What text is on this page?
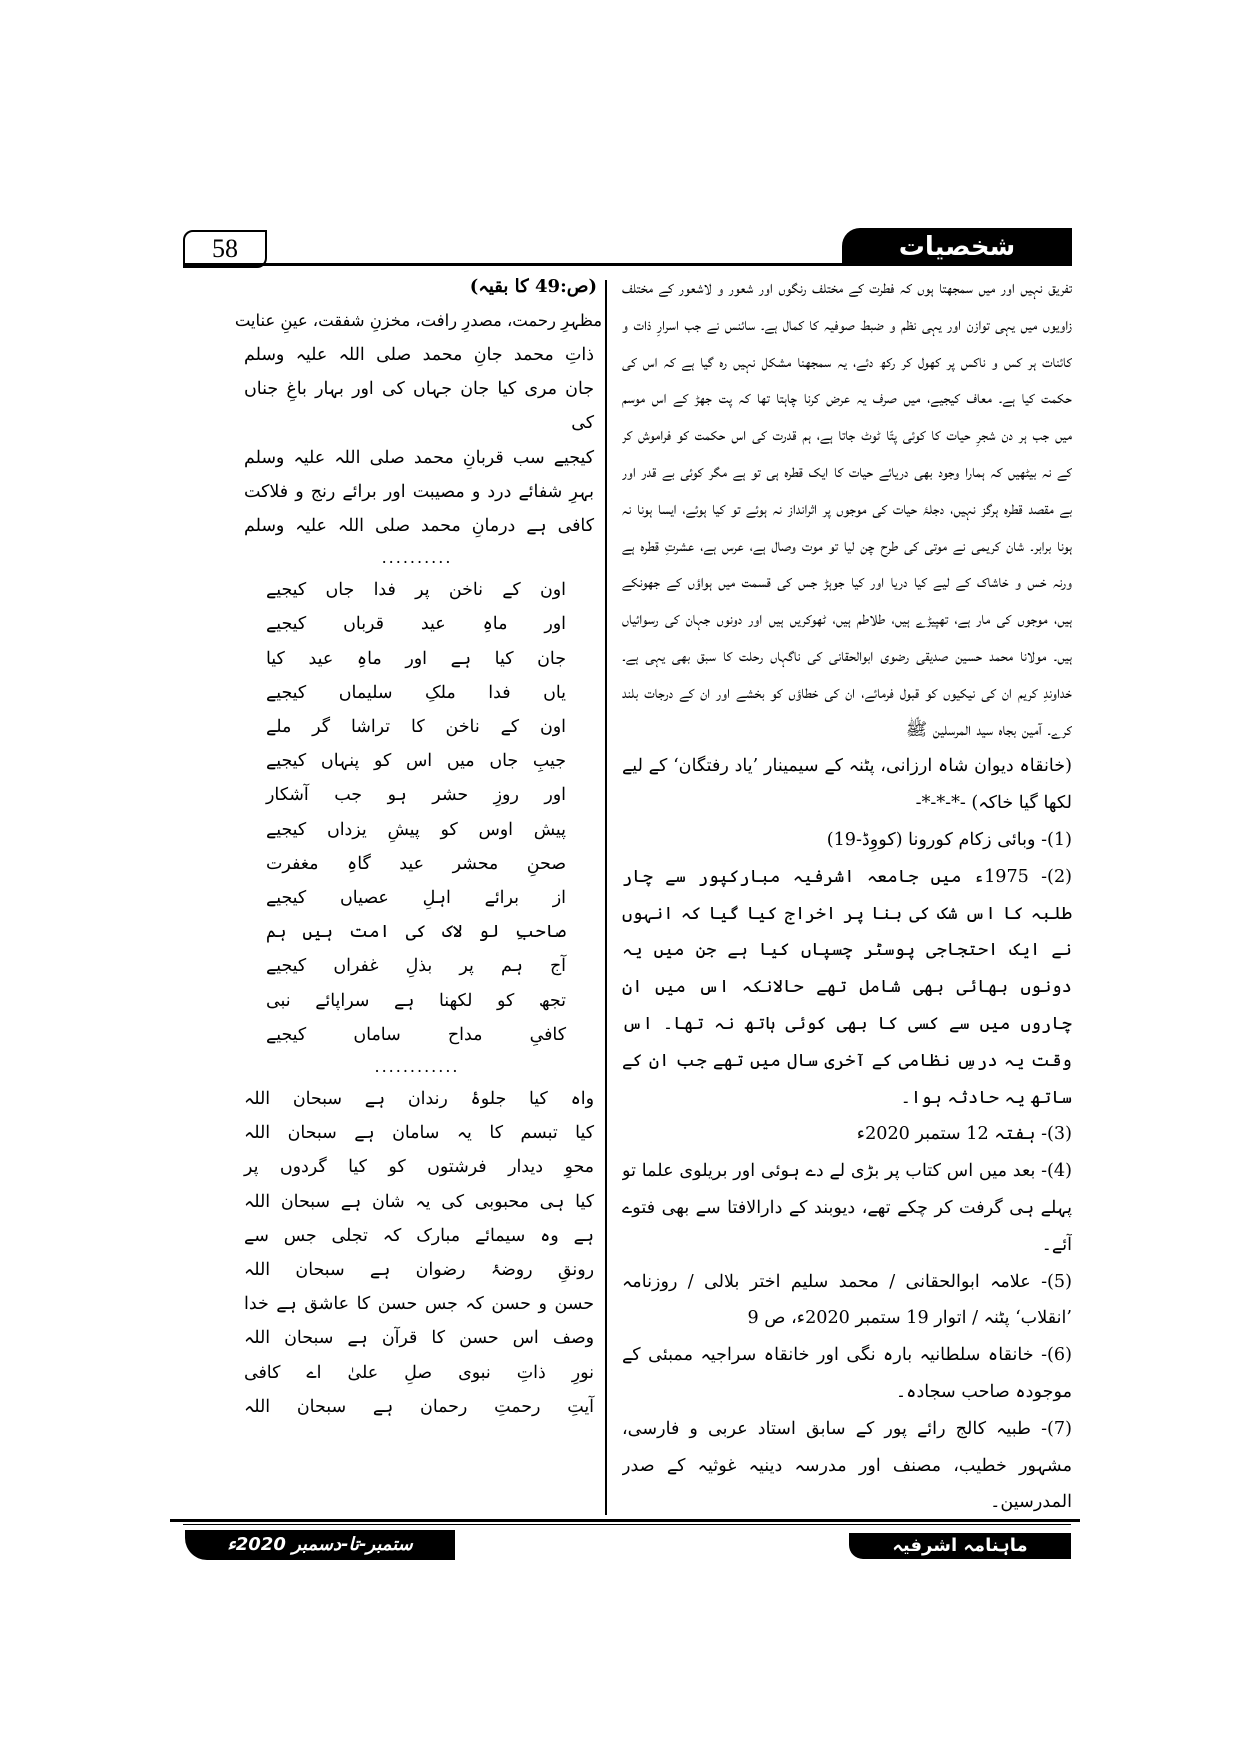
58	شخصیات

تفریق نہیں اور میں سمجھتا ہوں کہ فطرت کے مختلف رنگوں اور شعور و لاشعور کے مختلف زاویوں میں یہی توازن اور یہی نظم و ضبط صوفیہ کا کمال ہے۔ سائنس نے جب اسرارِ ذات و کائنات ہر کس و ناکس پر کھول کر رکھ دئے، یہ سمجھنا مشکل نہیں رہ گیا ہے کہ اس کی حکمت کیا ہے۔ معاف کیجیے، میں صرف یہ عرض کرنا چاہتا تھا کہ پت جھڑ کے اس موسم میں جب ہر دن شجرِ حیات کا کوئی پتّا ٹوٹ جاتا ہے، ہم قدرت کی اس حکمت کو فراموش کر کے نہ بیٹھیں کہ ہمارا وجود بھی دریائے حیات کا ایک قطرہ ہی تو ہے مگر کوئی بے قدر اور بے مقصد قطرہ ہرگز نہیں، دجلۂ حیات کی موجوں پر اثرانداز نہ ہوئے تو کیا ہوئے، ایسا ہونا نہ ہونا برابر۔ شان کریمی نے موتی کی طرح چن لیا تو موت وصال ہے، عرس ہے، عشرتِ قطرہ ہے ورنہ خس و خاشاک کے لیے کیا دریا اور کیا جوہڑ جس کی قسمت میں ہواؤں کے جھونکے ہیں، موجوں کی مار ہے، تھپیڑے ہیں، طلاطم ہیں، ٹھوکریں ہیں اور دونوں جہان کی رسوائیاں ہیں۔ مولانا محمد حسین صدیقی رضوی ابوالحقانی کی ناگہاں رحلت کا سبق بھی یہی ہے۔ خداوندِ کریم ان کی نیکیوں کو قبول فرمائے، ان کی خطاؤں کو بخشے اور ان کے درجات بلند کرے۔ آمین بجاہ سید المرسلین ﷺ

(خانقاہ دیوان شاہ ارزانی، پٹنہ کے سیمینار ’یاد رفتگان‘ کے لیے لکھا گیا خاکہ) -*-*-*-

(1)- وبائی زکام کورونا (کووِڈ-19)

(2)- 1975ء میں جامعہ اشرفیہ مبارکپور سے چار طلبہ کا اس شک کی بنا پر اخراج کیا گیا کہ انہوں نے ایک احتجاجی پوسٹر چسپاں کیا ہے جن میں یہ دونوں بھائی بھی شامل تھے حالانکہ اس میں ان چاروں میں سے کسی کا بھی کوئی ہاتھ نہ تھا۔ اس وقت یہ درسِ نظامی کے آخری سال میں تھے جب ان کے ساتھ یہ حادثہ ہوا۔

(3)- ہفتہ 12 ستمبر 2020ء

(4)- بعد میں اس کتاب پر بڑی لے دے ہوئی اور بریلوی علما تو پہلے ہی گرفت کر چکے تھے، دیوبند کے دارالافتا سے بھی فتوے آئے۔

(5)- علامہ ابوالحقانی / محمد سلیم اختر بلالی / روزنامہ ’انقلاب‘ پٹنہ / اتوار 19 ستمبر 2020ء، ص 9

(6)- خانقاہ سلطانیہ بارہ نگی اور خانقاہ سراجیہ ممبئی کے موجودہ صاحب سجادہ۔

(7)- طبیہ کالج رائے پور کے سابق استاد عربی و فارسی، مشہور خطیب، مصنف اور مدرسہ دینیہ غوثیہ کے صدر المدرسین۔

(ص:49 کا بقیہ)

مظہرِ رحمت، مصدرِ رافت، مخزنِ شفقت، عینِ عنایت

ذاتِ محمد جانِ محمد صلی اللہ علیہ وسلم

جان مری کیا جان جہاں کی اور بہار باغِ جناں کی

کیجیے سب قربانِ محمد صلی اللہ علیہ وسلم

بہرِ شفائے درد و مصیبت اور برائے رنج و فلاکت

کافی ہے درمانِ محمد صلی اللہ علیہ وسلم

..........

اون کے ناخن پر فدا جاں کیجیے

اور ماہِ عید قرباں کیجیے

جان کیا ہے اور ماہِ عید کیا

یاں فدا ملکِ سلیماں کیجیے

اون کے ناخن کا تراشا گر ملے

جیبِ جاں میں اس کو پنہاں کیجیے

اور روزِ حشر ہو جب آشکار

پیش اوس کو پیشِ یزداں کیجیے

صحنِ محشر عید گاہِ مغفرت

از برائے اہلِ عصیاں کیجیے

صاحبِ لو لاک کی امت ہیں ہم

آج ہم پر بذلِ غفراں کیجیے

تجھ کو لکھنا ہے سراپائے نبی

کافیِ مداح ساماں کیجیے

............

واہ کیا جلوۂ رندان ہے سبحان اللہ

کیا تبسم کا یہ سامان ہے سبحان اللہ

محوِ دیدار فرشتوں کو کیا گردوں پر

کیا ہی محبوبی کی یہ شان ہے سبحان اللہ

ہے وہ سیمائے مبارک کہ تجلی جس سے

رونقِ روضۂ رضوان ہے سبحان اللہ

حسن و حسن کہ جس حسن کا عاشق ہے خدا

وصف اس حسن کا قرآن ہے سبحان اللہ

نورِ ذاتِ نبوی صلِ علیٰ اے کافی

آیتِ رحمتِ رحمان ہے سبحان اللہ

ستمبر-تا-دسمبر 2020ء	ماہنامہ اشرفیہ
